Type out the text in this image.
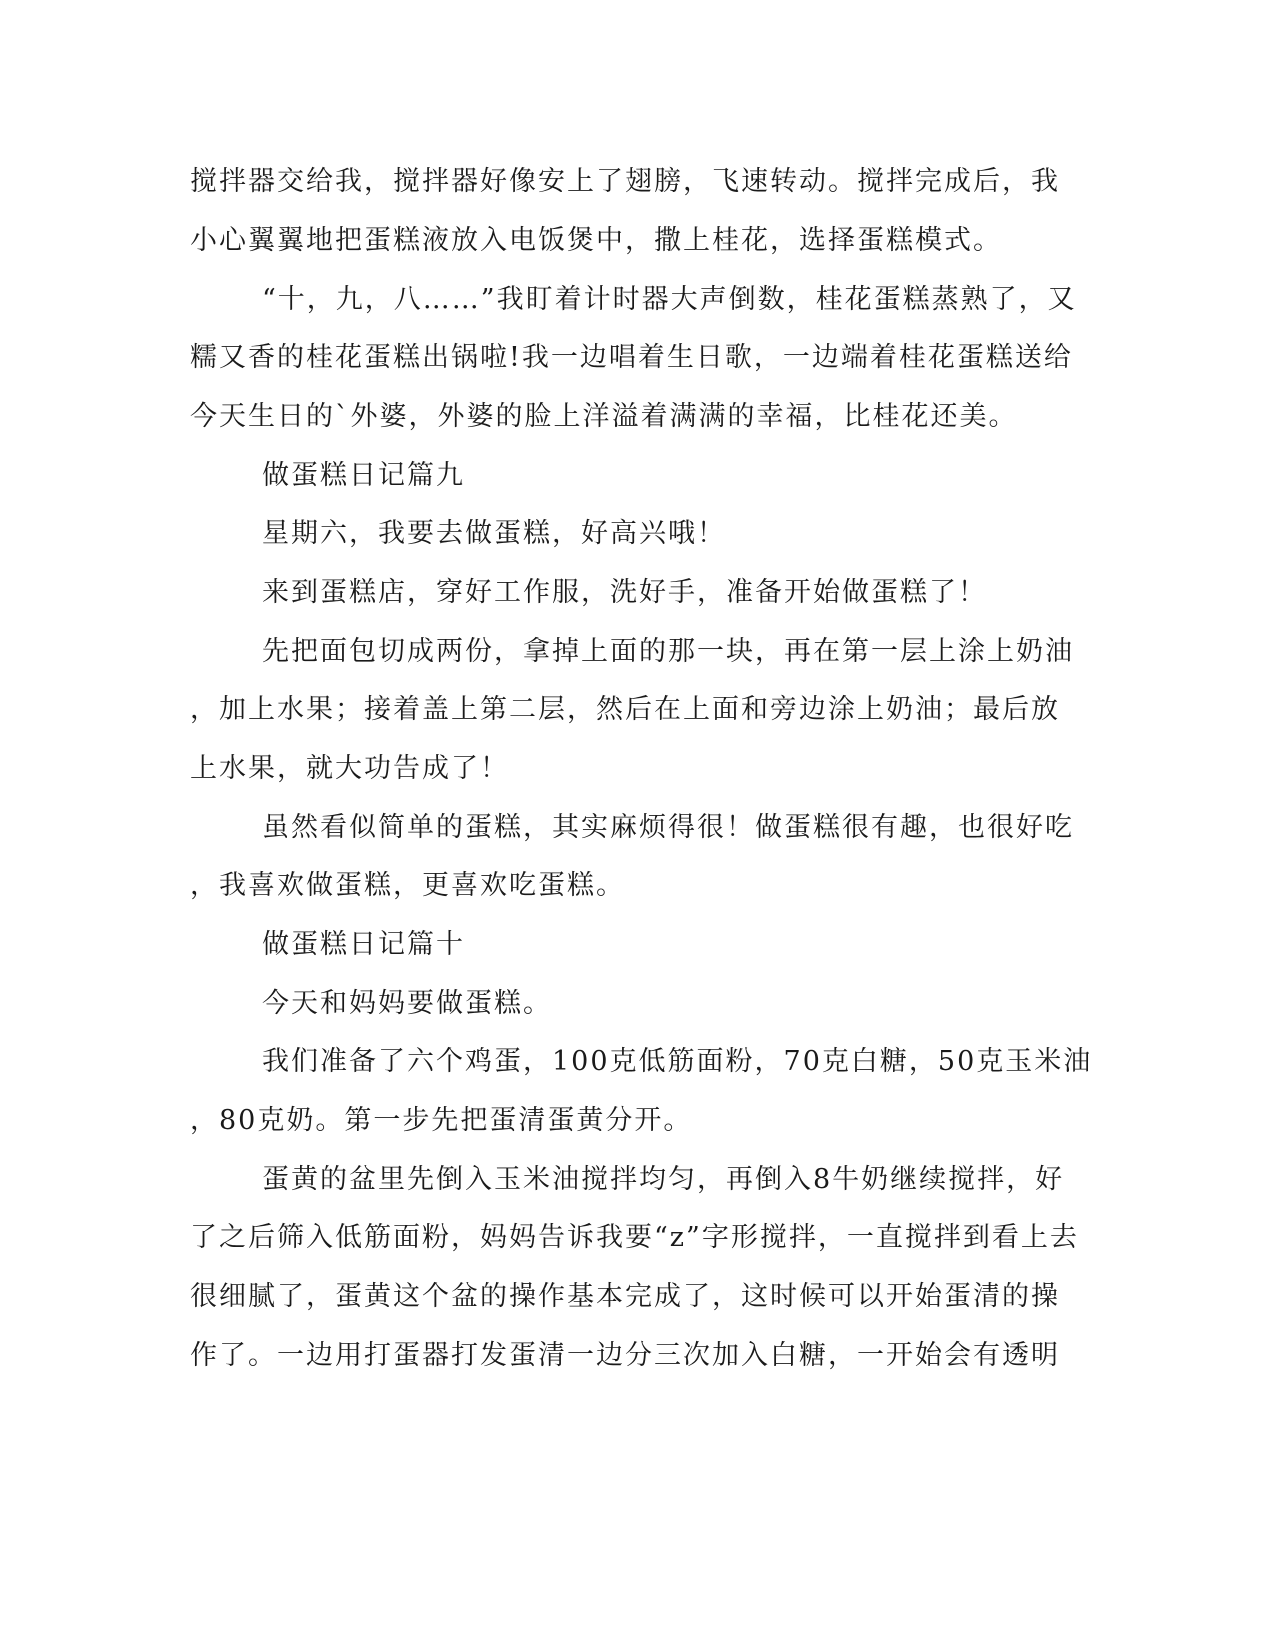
搅拌器交给我，搅拌器好像安上了翅膀，飞速转动。搅拌完成后，我
小心翼翼地把蛋糕液放入电饭煲中，撒上桂花，选择蛋糕模式。
“十，九，八……”我盯着计时器大声倒数，桂花蛋糕蒸熟了，又
糯又香的桂花蛋糕出锅啦!我一边唱着生日歌，一边端着桂花蛋糕送给
今天生日的`外婆，外婆的脸上洋溢着满满的幸福，比桂花还美。
做蛋糕日记篇九
星期六，我要去做蛋糕，好高兴哦！
来到蛋糕店，穿好工作服，洗好手，准备开始做蛋糕了！
先把面包切成两份，拿掉上面的那一块，再在第一层上涂上奶油
，加上水果；接着盖上第二层，然后在上面和旁边涂上奶油；最后放
上水果，就大功告成了！
虽然看似简单的蛋糕，其实麻烦得很！做蛋糕很有趣，也很好吃
，我喜欢做蛋糕，更喜欢吃蛋糕。
做蛋糕日记篇十
今天和妈妈要做蛋糕。
我们准备了六个鸡蛋，100克低筋面粉，70克白糖，50克玉米油
，80克奶。第一步先把蛋清蛋黄分开。
蛋黄的盆里先倒入玉米油搅拌均匀，再倒入8牛奶继续搅拌，好
了之后筛入低筋面粉，妈妈告诉我要“z”字形搅拌，一直搅拌到看上去
很细腻了，蛋黄这个盆的操作基本完成了，这时候可以开始蛋清的操
作了。一边用打蛋器打发蛋清一边分三次加入白糖，一开始会有透明
